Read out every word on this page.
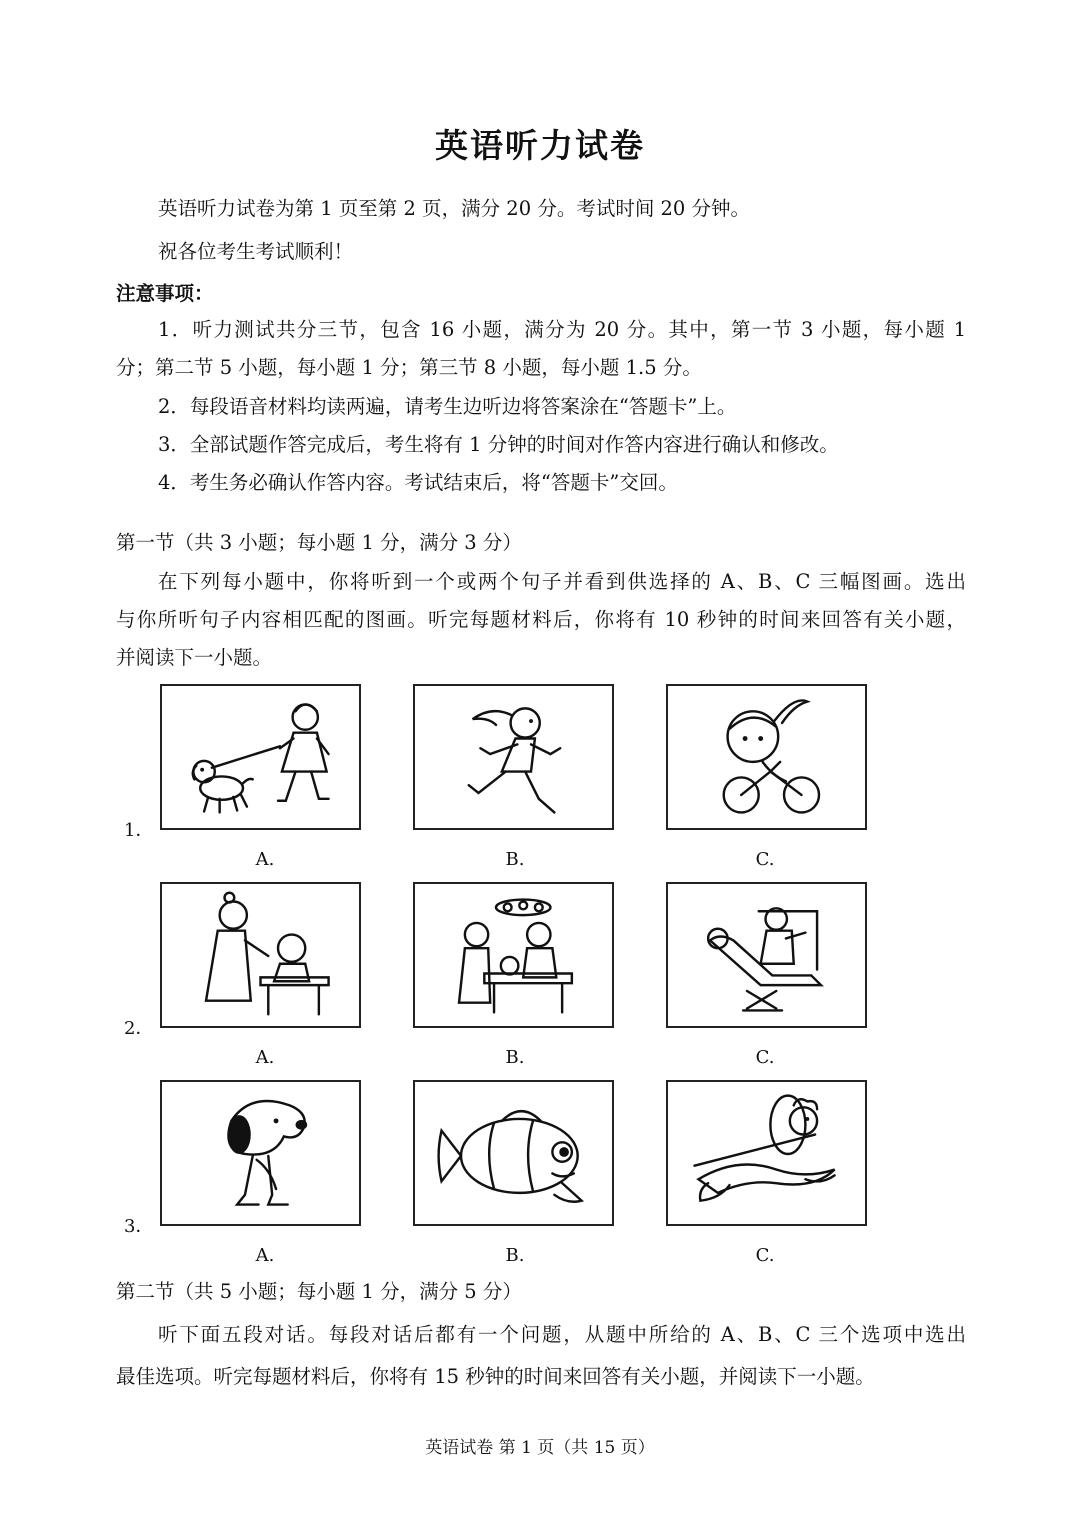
英语听力试卷
英语听力试卷为第 1 页至第 2 页，满分 20 分。考试时间 20 分钟。
祝各位考生考试顺利！
注意事项：
1．听力测试共分三节，包含 16 小题，满分为 20 分。其中，第一节 3 小题，每小题 1
分；第二节 5 小题，每小题 1 分；第三节 8 小题，每小题 1.5 分。
2．每段语音材料均读两遍，请考生边听边将答案涂在“答题卡”上。
3．全部试题作答完成后，考生将有 1 分钟的时间对作答内容进行确认和修改。
4．考生务必确认作答内容。考试结束后，将“答题卡”交回。
第一节（共 3 小题；每小题 1 分，满分 3 分）
在下列每小题中，你将听到一个或两个句子并看到供选择的 A、B、C 三幅图画。选出
与你所听句子内容相匹配的图画。听完每题材料后，你将有 10 秒钟的时间来回答有关小题，
并阅读下一小题。
1．
A.	B.	C.
2．
A.	B.	C.
3．
A.	B.	C.
第二节（共 5 小题；每小题 1 分，满分 5 分）
听下面五段对话。每段对话后都有一个问题，从题中所给的 A、B、C 三个选项中选出
最佳选项。听完每题材料后，你将有 15 秒钟的时间来回答有关小题，并阅读下一小题。
英语试卷 第 1 页（共 15 页）
